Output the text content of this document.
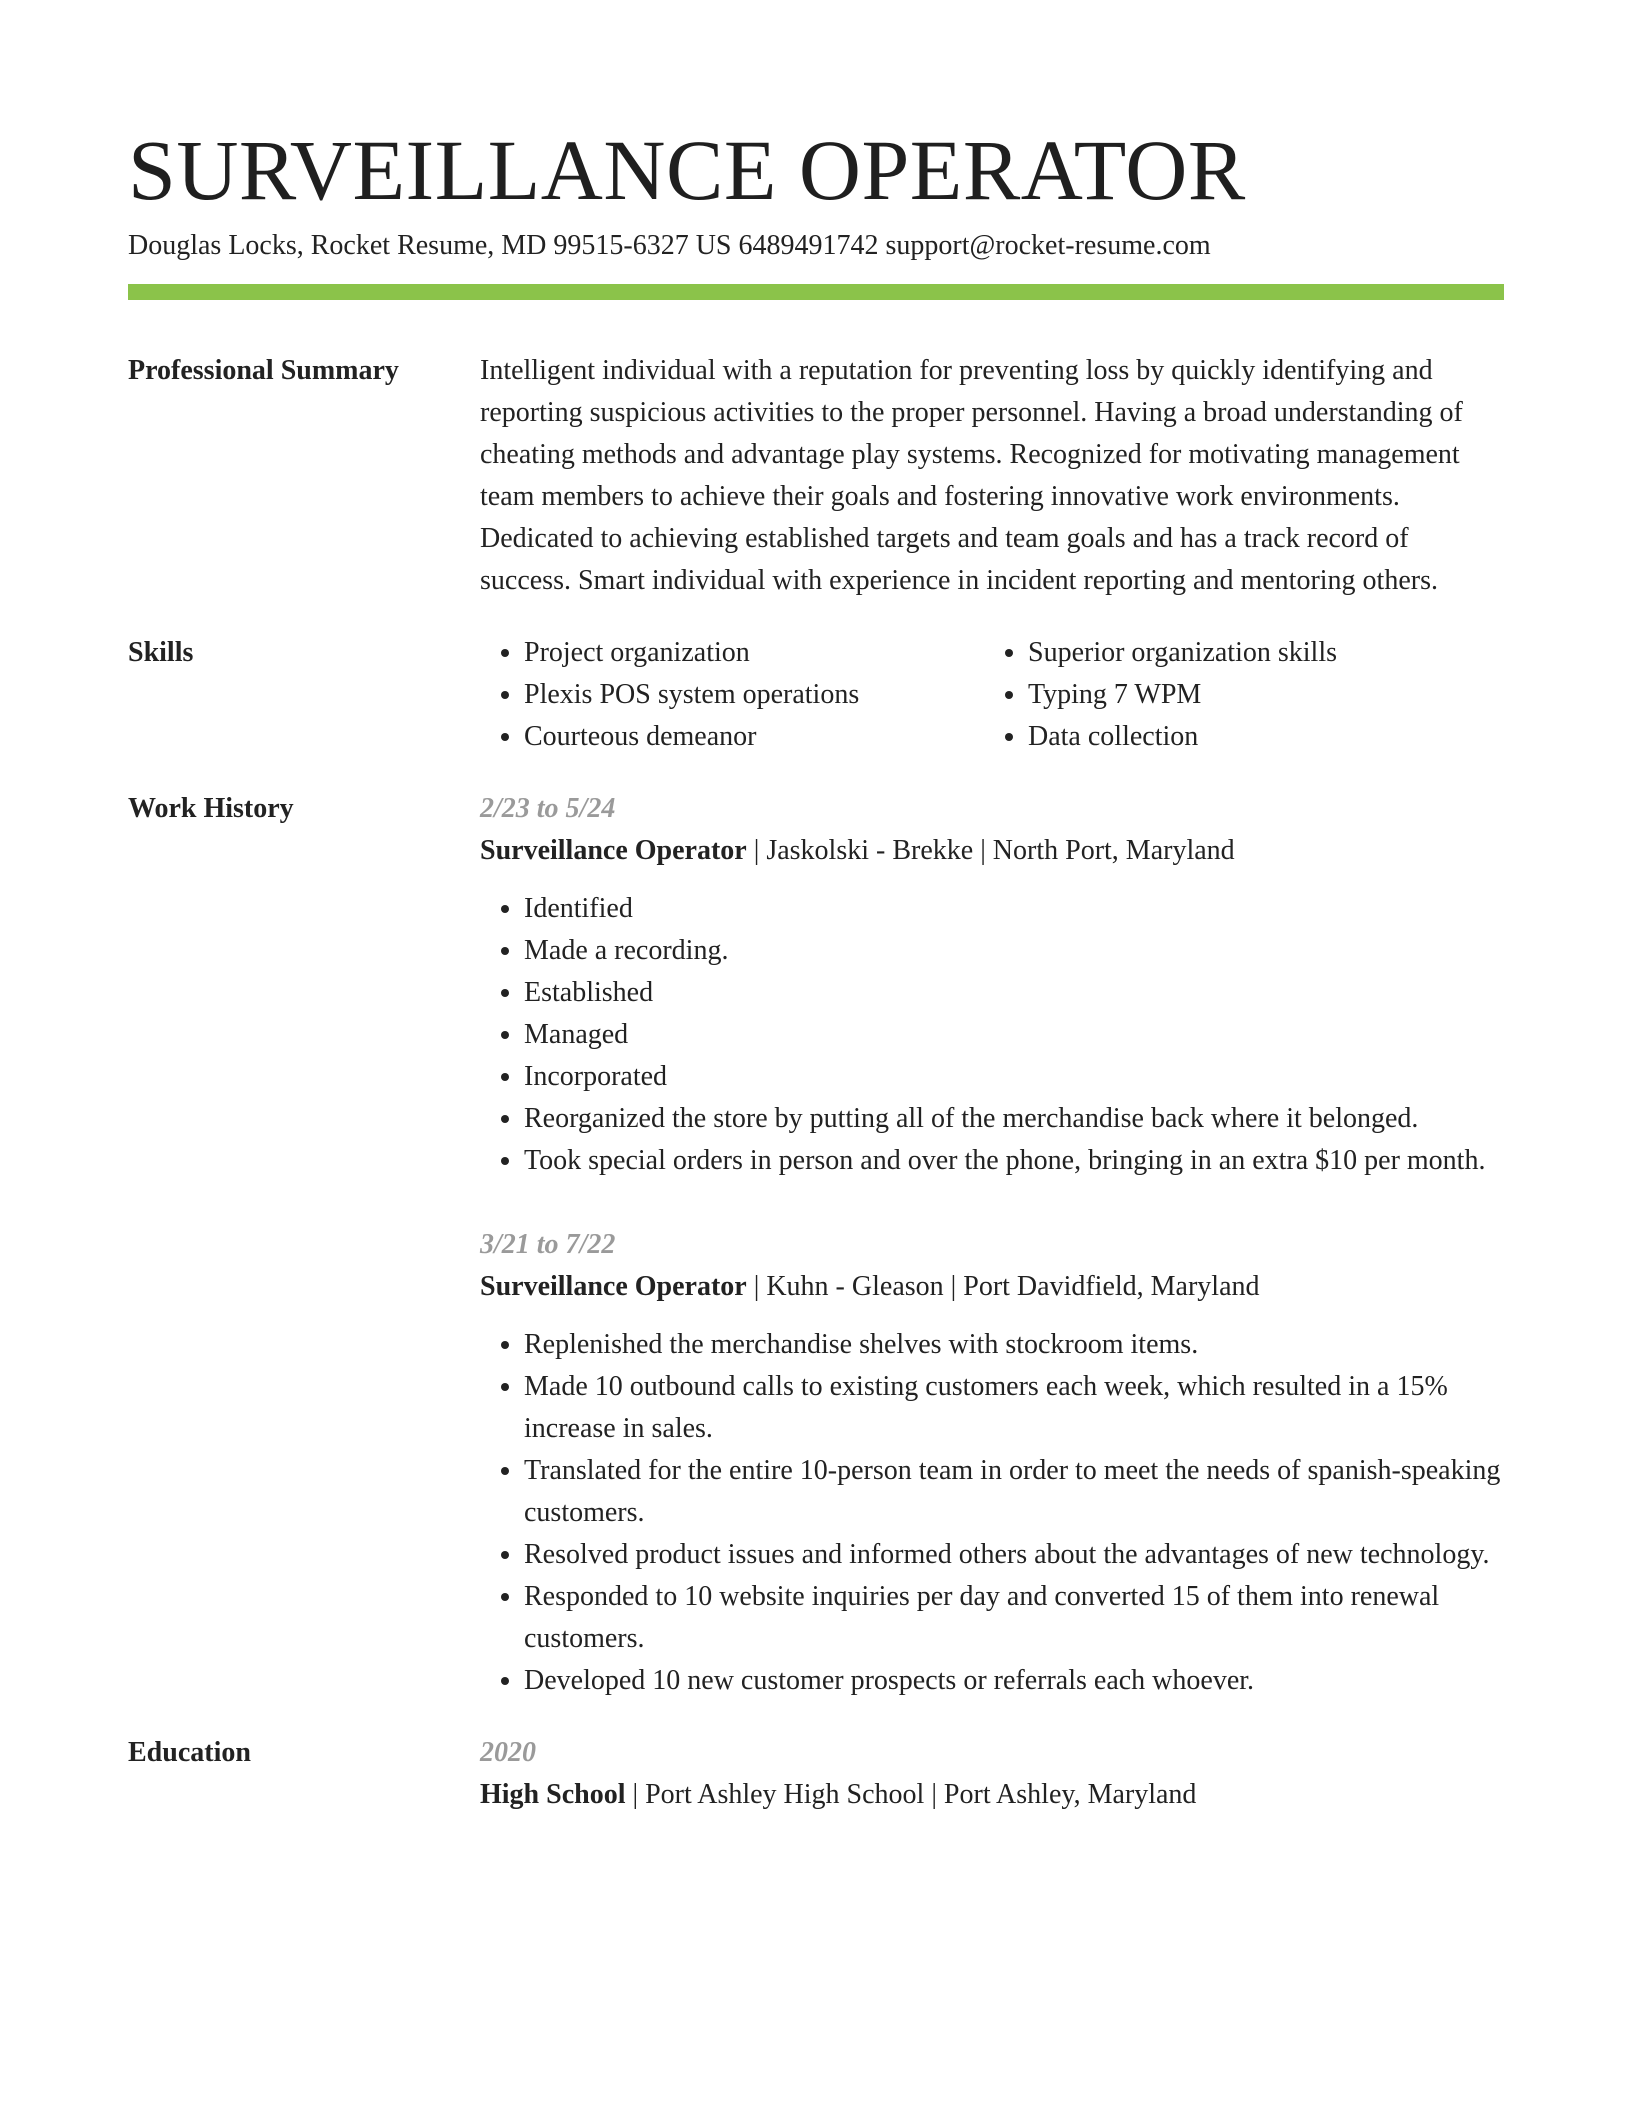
SURVEILLANCE OPERATOR
Douglas Locks, Rocket Resume, MD 99515-6327 US 6489491742 support@rocket-resume.com
Professional Summary	Intelligent individual with a reputation for preventing loss by quickly identifying and reporting suspicious activities to the proper personnel. Having a broad understanding of cheating methods and advantage play systems. Recognized for motivating management team members to achieve their goals and fostering innovative work environments. Dedicated to achieving established targets and team goals and has a track record of success. Smart individual with experience in incident reporting and mentoring others.

Skills
•	Project organization
• Plexis POS system operations
• Courteous demeanor
• Superior organization skills
• Typing 7 WPM
• Data collection
Work History	2/23 to 5/24
Surveillance Operator | Jaskolski - Brekke | North Port, Maryland
• Identified
• Made a recording.
• Established
• Managed
• Incorporated
• Reorganized the store by putting all of the merchandise back where it belonged.
• Took special orders in person and over the phone, bringing in an extra $10 per month.
3/21 to 7/22
Surveillance Operator | Kuhn - Gleason | Port Davidfield, Maryland
• Replenished the merchandise shelves with stockroom items.
• Made 10 outbound calls to existing customers each week, which resulted in a 15% increase in sales.
• Translated for the entire 10-person team in order to meet the needs of spanish-speaking customers.
• Resolved product issues and informed others about the advantages of new technology.
• Responded to 10 website inquiries per day and converted 15 of them into renewal customers.
• Developed 10 new customer prospects or referrals each whoever.
Education	2020
High School | Port Ashley High School | Port Ashley, Maryland
